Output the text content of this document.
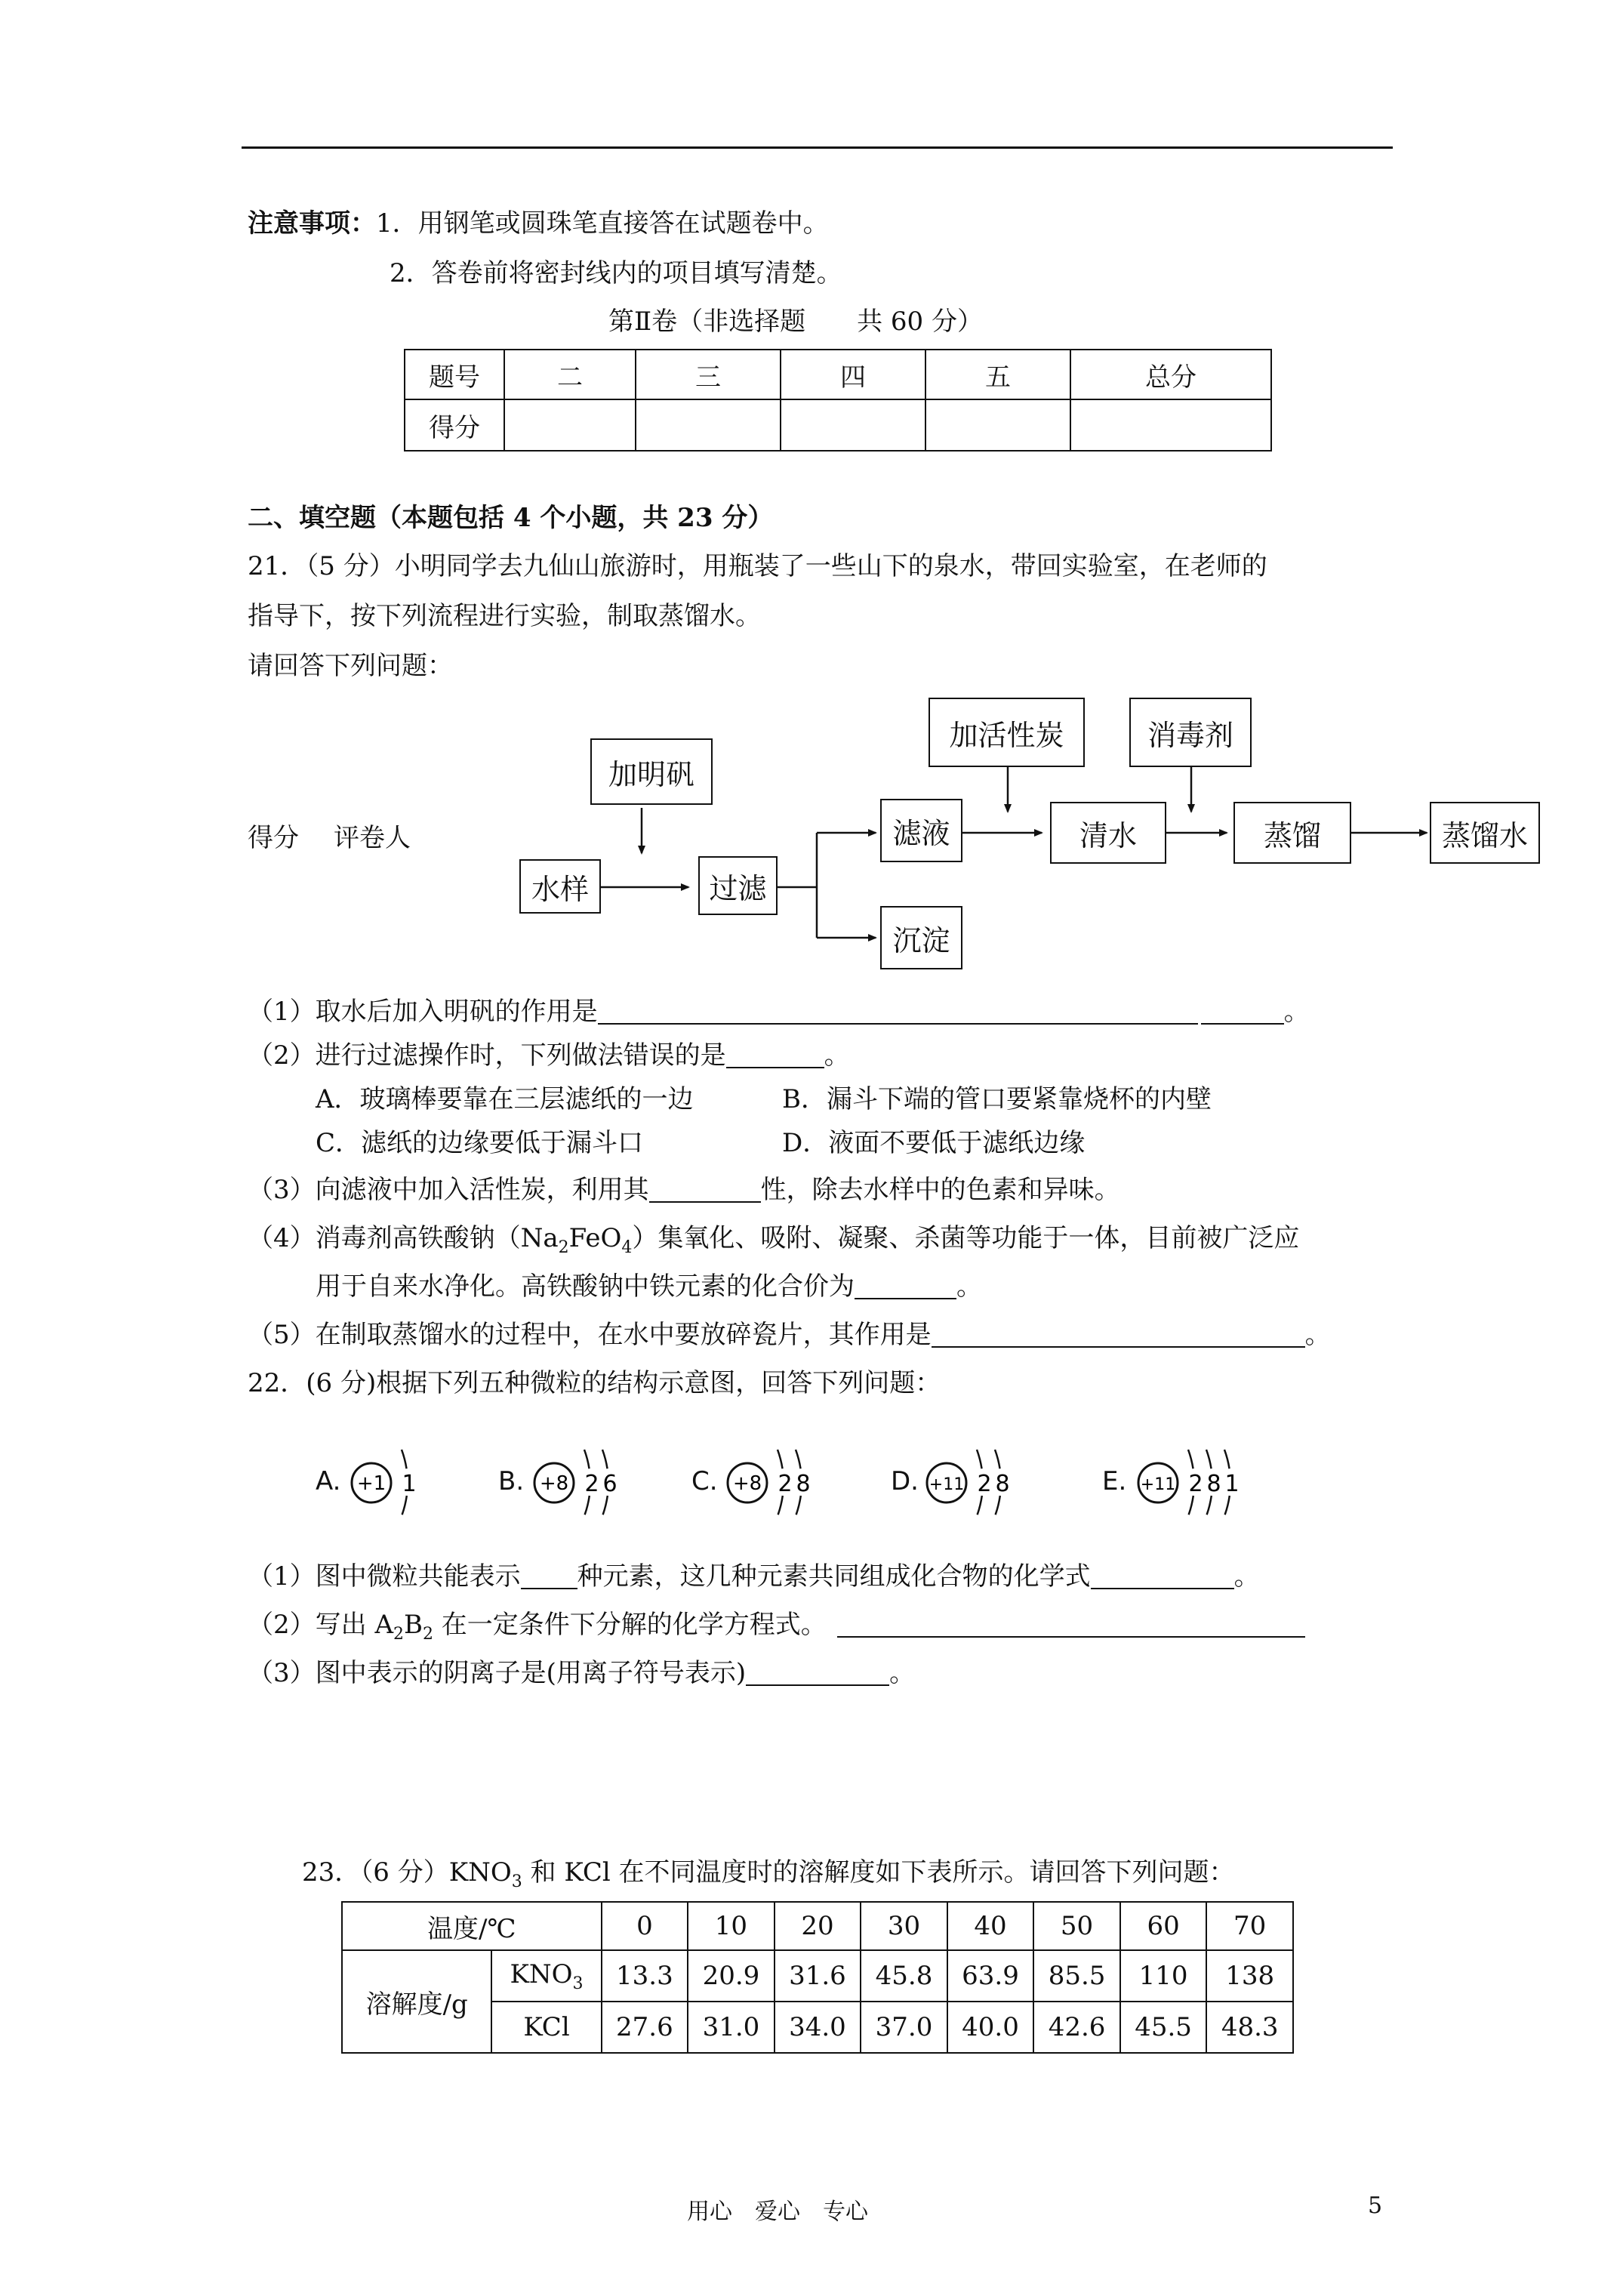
注意事项：1．用钢笔或圆珠笔直接答在试题卷中。
2．答卷前将密封线内的项目填写清楚。
第Ⅱ卷（非选择题　　共 60 分）
题号	二	三	四	五	总分
得分					
二、填空题（本题包括 4 个小题，共 23 分）
21．（5 分）小明同学去九仙山旅游时，用瓶装了一些山下的泉水，带回实验室，在老师的
指导下，按下列流程进行实验，制取蒸馏水。
请回答下列问题：
得分 评卷人
加明矾
水样	过滤
滤液
沉淀
加活性炭
清水
消毒剂
蒸馏	蒸馏水
（1）取水后加入明矾的作用是	。
（2）进行过滤操作时，下列做法错误的是	。
A．玻璃棒要靠在三层滤纸的一边	B．漏斗下端的管口要紧靠烧杯的内壁
C．滤纸的边缘要低于漏斗口	D．液面不要低于滤纸边缘
（3）向滤液中加入活性炭，利用其	性，除去水样中的色素和异味。
（4）消毒剂高铁酸钠$(Na_2FeO_4)$集氧化、吸附、凝聚、杀菌等功能于一体，目前被广泛应
用于自来水净化。高铁酸钠中铁元素的化合价为	。
（5）在制取蒸馏水的过程中，在水中要放碎瓷片，其作用是	。
22．(6 分)根据下列五种微粒的结构示意图，回答下列问题：
A. +1 1	B. +8 2 6	C. +8 2 8	D. +11 2 8	E. +11 2 8 1
（1）图中微粒共能表示 种元素，这几种元素共同组成化合物的化学式	。
（2）写出 $A_2B_2$ 在一定条件下分解的化学方程式。
（3）图中表示的阴离子是(用离子符号表示)	。
23．（6 分）$KNO_3$ 和 KCl 在不同温度时的溶解度如下表所示。请回答下列问题：
温度/℃		0	10	20	30	40	50	60	70
溶解度/g	$KNO_3$	13.3	20.9	31.6	45.8	63.9	85.5	110	138
	KCl	27.6	31.0	34.0	37.0	40.0	42.6	45.5	48.3
用心　爱心　专心	5
